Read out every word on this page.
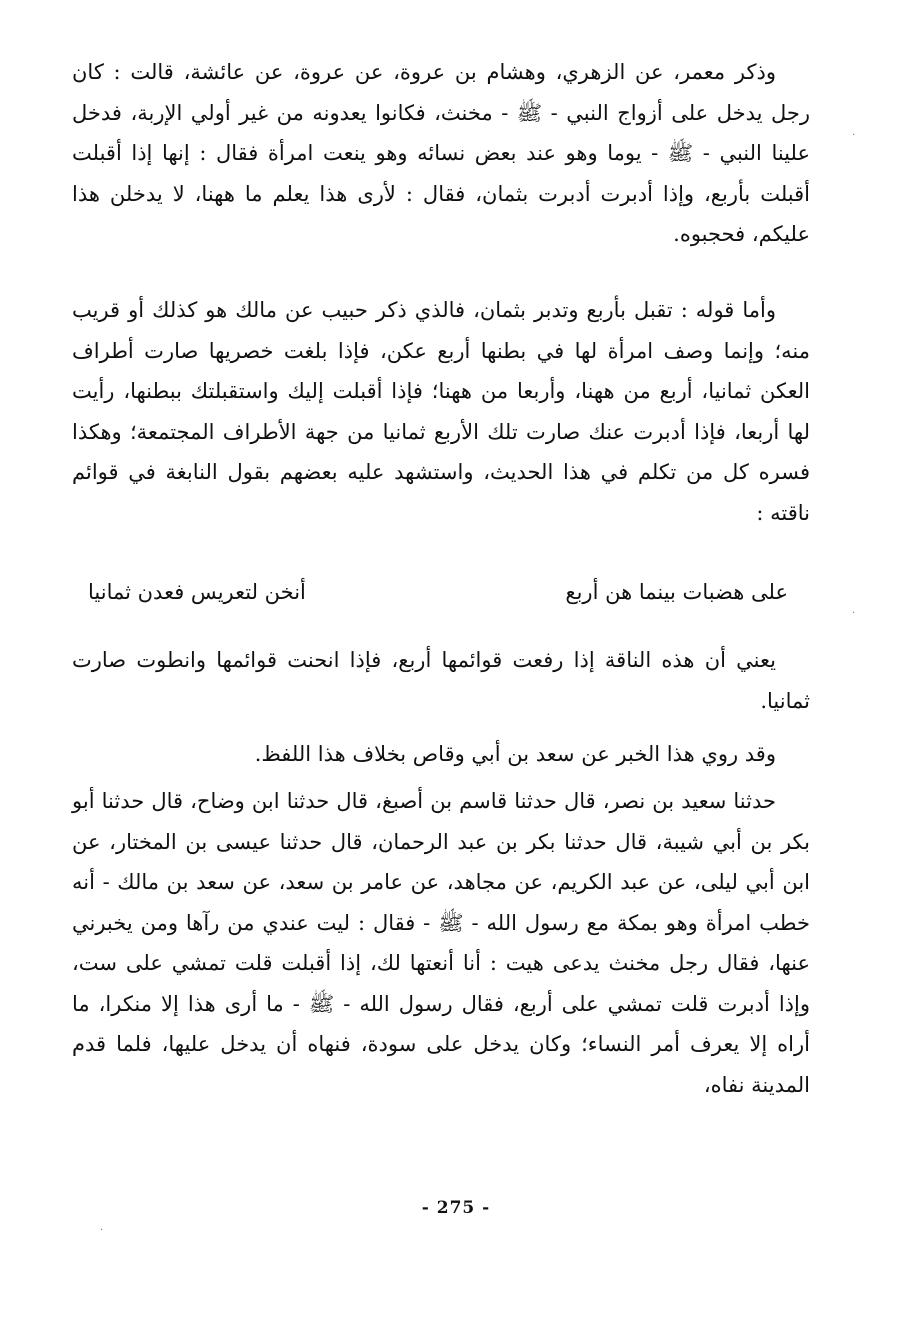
وذكر معمر، عن الزهري، وهشام بن عروة، عن عروة، عن عائشة، قالت : كان رجل يدخل على أزواج النبي - ﷺ - مخنث، فكانوا يعدونه من غير أولي الإربة، فدخل علينا النبي - ﷺ - يوما وهو عند بعض نسائه وهو ينعت امرأة فقال : إنها إذا أقبلت أقبلت بأربع، وإذا أدبرت أدبرت بثمان، فقال : لأرى هذا يعلم ما ههنا، لا يدخلن هذا عليكم، فحجبوه.

وأما قوله : تقبل بأربع وتدبر بثمان، فالذي ذكر حبيب عن مالك هو كذلك أو قريب منه؛ وإنما وصف امرأة لها في بطنها أربع عكن، فإذا بلغت خصريها صارت أطراف العكن ثمانيا، أربع من ههنا، وأربعا من ههنا؛ فإذا أقبلت إليك واستقبلتك ببطنها، رأيت لها أربعا، فإذا أدبرت عنك صارت تلك الأربع ثمانيا من جهة الأطراف المجتمعة؛ وهكذا فسره كل من تكلم في هذا الحديث، واستشهد عليه بعضهم بقول النابغة في قوائم ناقته :

على هضبات بينما هن أربع
أنخن لتعريس فعدن ثمانيا

يعني أن هذه الناقة إذا رفعت قوائمها أربع، فإذا انحنت قوائمها وانطوت صارت ثمانيا.

وقد روي هذا الخبر عن سعد بن أبي وقاص بخلاف هذا اللفظ.

حدثنا سعيد بن نصر، قال حدثنا قاسم بن أصبغ، قال حدثنا ابن وضاح، قال حدثنا أبو بكر بن أبي شيبة، قال حدثنا بكر بن عبد الرحمان، قال حدثنا عيسى بن المختار، عن ابن أبي ليلى، عن عبد الكريم، عن مجاهد، عن عامر بن سعد، عن سعد بن مالك - أنه خطب امرأة وهو بمكة مع رسول الله - ﷺ - فقال : ليت عندي من رآها ومن يخبرني عنها، فقال رجل مخنث يدعى هيت : أنا أنعتها لك، إذا أقبلت قلت تمشي على ست، وإذا أدبرت قلت تمشي على أربع، فقال رسول الله - ﷺ - ما أرى هذا إلا منكرا، ما أراه إلا يعرف أمر النساء؛ وكان يدخل على سودة، فنهاه أن يدخل عليها، فلما قدم المدينة نفاه،

- 275 -
·
·
·
